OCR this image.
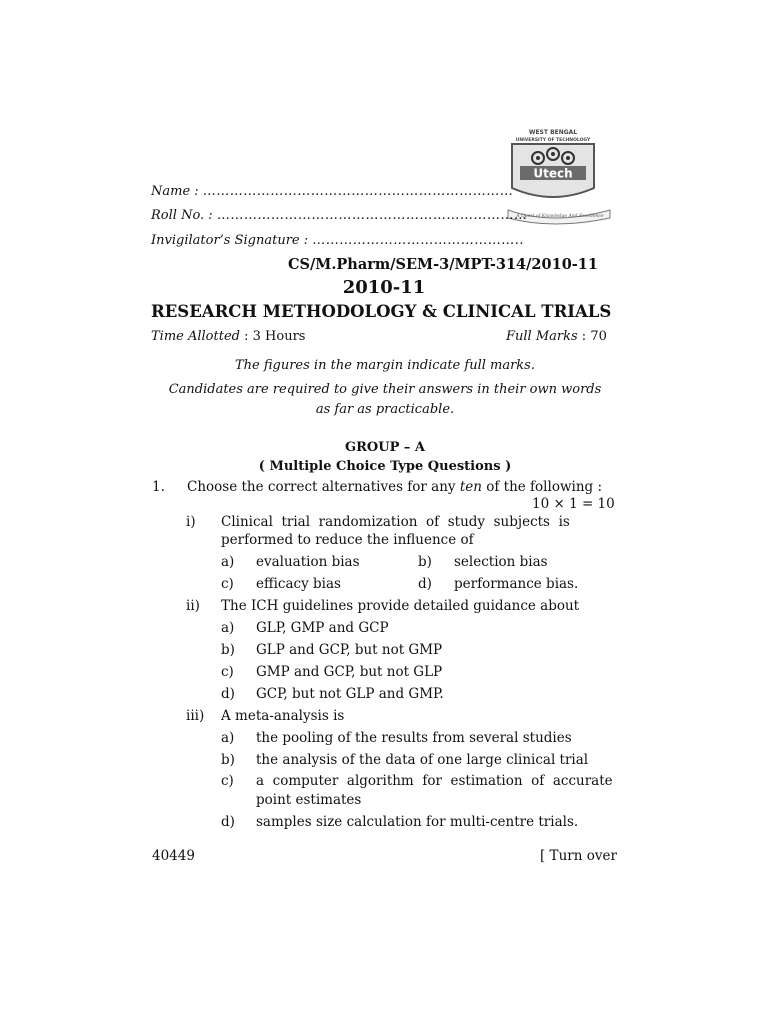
WEST BENGAL
UNIVERSITY OF TECHNOLOGY
Utech
A Quest of Knowledge And Excellence
Name : ……………………………………………………………
Roll No. : ……………………………………………………………
Invigilator’s Signature : ………………………………………..
CS/M.Pharm/SEM-3/MPT-314/2010-11
2010-11
RESEARCH METHODOLOGY & CLINICAL TRIALS
Time Allotted : 3 Hours	Full Marks : 70
The figures in the margin indicate full marks.
Candidates are required to give their answers in their own words
as far as practicable.
GROUP – A
( Multiple Choice Type Questions )
1. Choose the correct alternatives for any ten of the following :
10 × 1 = 10
i) Clinical  trial  randomization  of  study  subjects  is
performed to reduce the influence of
a) evaluation bias	b) selection bias
c) efficacy bias	d) performance bias.
ii) The ICH guidelines provide detailed guidance about
a) GLP, GMP and GCP
b) GLP and GCP, but not GMP
c) GMP and GCP, but not GLP
d) GCP, but not GLP and GMP.
iii) A meta-analysis is
a) the pooling of the results from several studies
b) the analysis of the data of one large clinical trial
c) a  computer  algorithm  for  estimation  of  accurate
point estimates
d) samples size calculation for multi-centre trials.
40449	[ Turn over
